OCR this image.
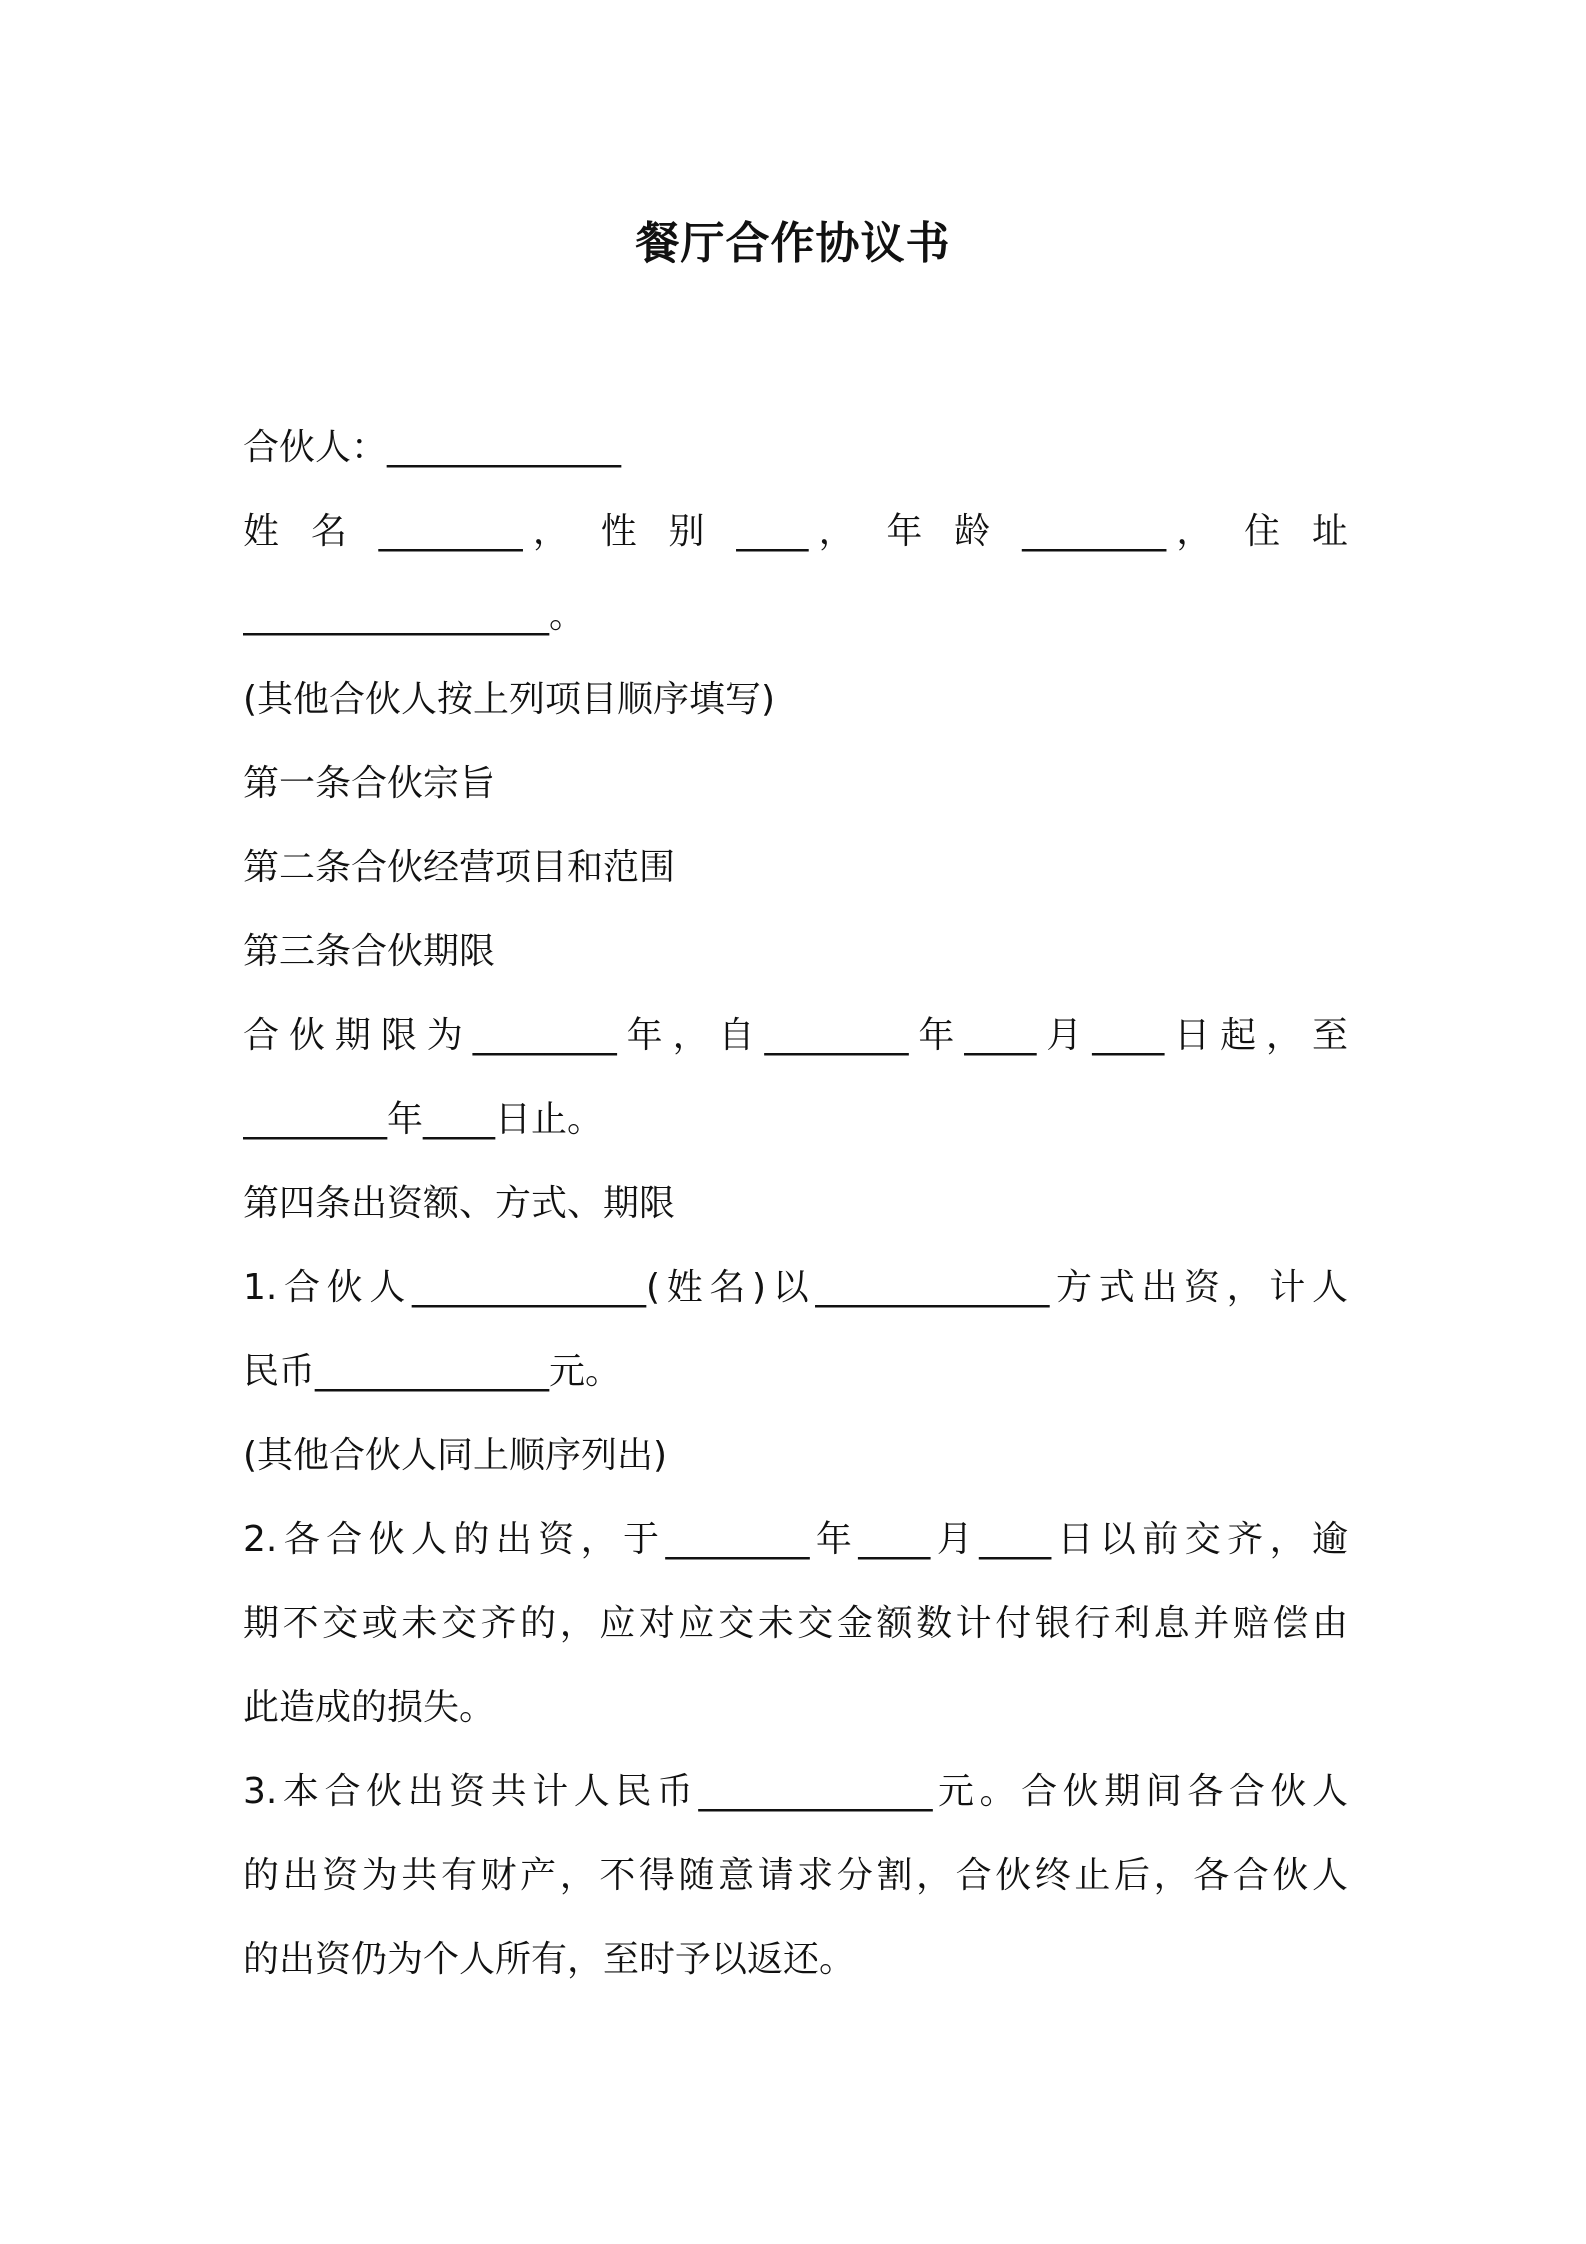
餐厅合作协议书
合伙人：_____________
姓 名 ________， 性 别 ____， 年 龄 ________， 住 址
_________________。
(其他合伙人按上列项目顺序填写)
第一条合伙宗旨
第二条合伙经营项目和范围
第三条合伙期限
合伙期限为________年，自________年____月____日起，至
________年____日止。
第四条出资额、方式、期限
1.合伙人_____________(姓名)以_____________方式出资，计人
民币_____________元。
(其他合伙人同上顺序列出)
2.各合伙人的出资，于________年____月____日以前交齐，逾
期不交或未交齐的，应对应交未交金额数计付银行利息并赔偿由
此造成的损失。
3.本合伙出资共计人民币_____________元。合伙期间各合伙人
的出资为共有财产，不得随意请求分割，合伙终止后，各合伙人
的出资仍为个人所有，至时予以返还。
